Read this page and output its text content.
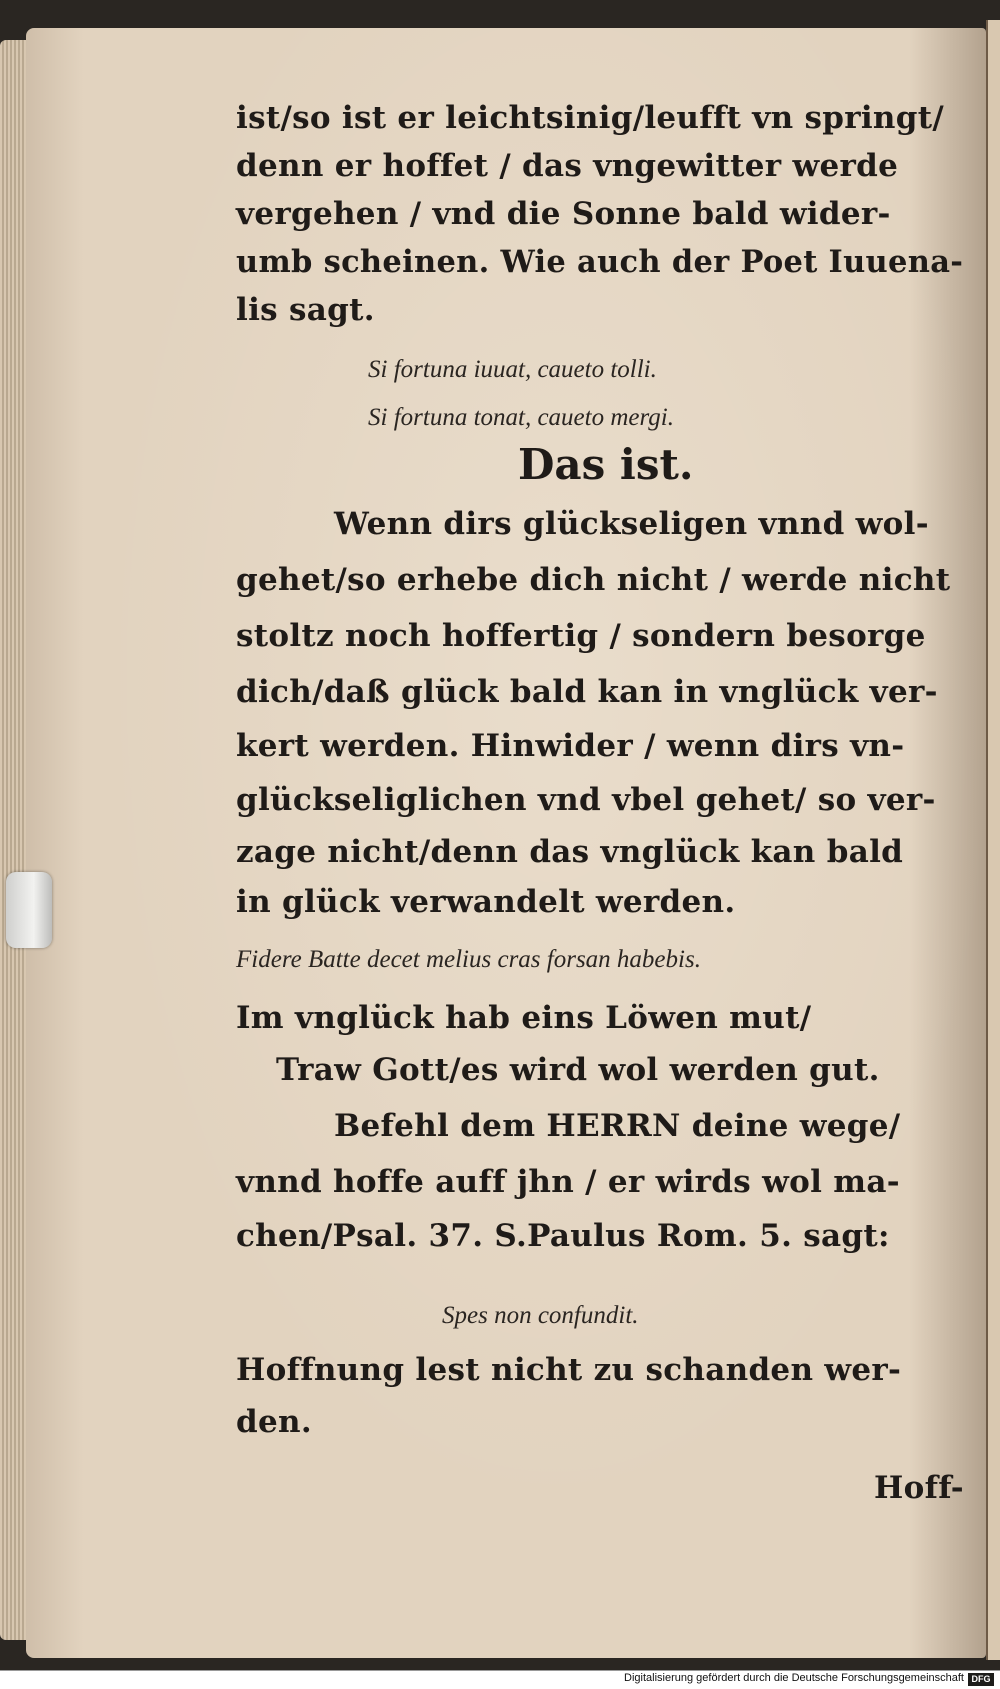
ist/so ist er leichtsinig/leufft vn springt/
denn er hoffet / das vngewitter werde
vergehen / vnd die Sonne bald wider-
umb scheinen. Wie auch der Poet Iuuena-
lis sagt.
Si fortuna iuuat, caueto tolli.
Si fortuna tonat, caueto mergi.
Das ist.
Wenn dirs glückseligen vnnd wol-
gehet/so erhebe dich nicht / werde nicht
stoltz noch hoffertig / sondern besorge
dich/daß glück bald kan in vnglück ver-
kert werden. Hinwider / wenn dirs vn-
glückseliglichen vnd vbel gehet/ so ver-
zage nicht/denn das vnglück kan bald
in glück verwandelt werden.
Fidere Batte decet melius cras forsan habebis.
Im vnglück hab eins Löwen mut/
Traw Gott/es wird wol werden gut.
Befehl dem HERRN deine wege/
vnnd hoffe auff jhn / er wirds wol ma-
chen/Psal. 37. S.Paulus Rom. 5. sagt:
Spes non confundit.
Hoffnung lest nicht zu schanden wer-
den.
Hoff-
Digitalisierung gefördert durch die Deutsche Forschungsgemeinschaft DFG
